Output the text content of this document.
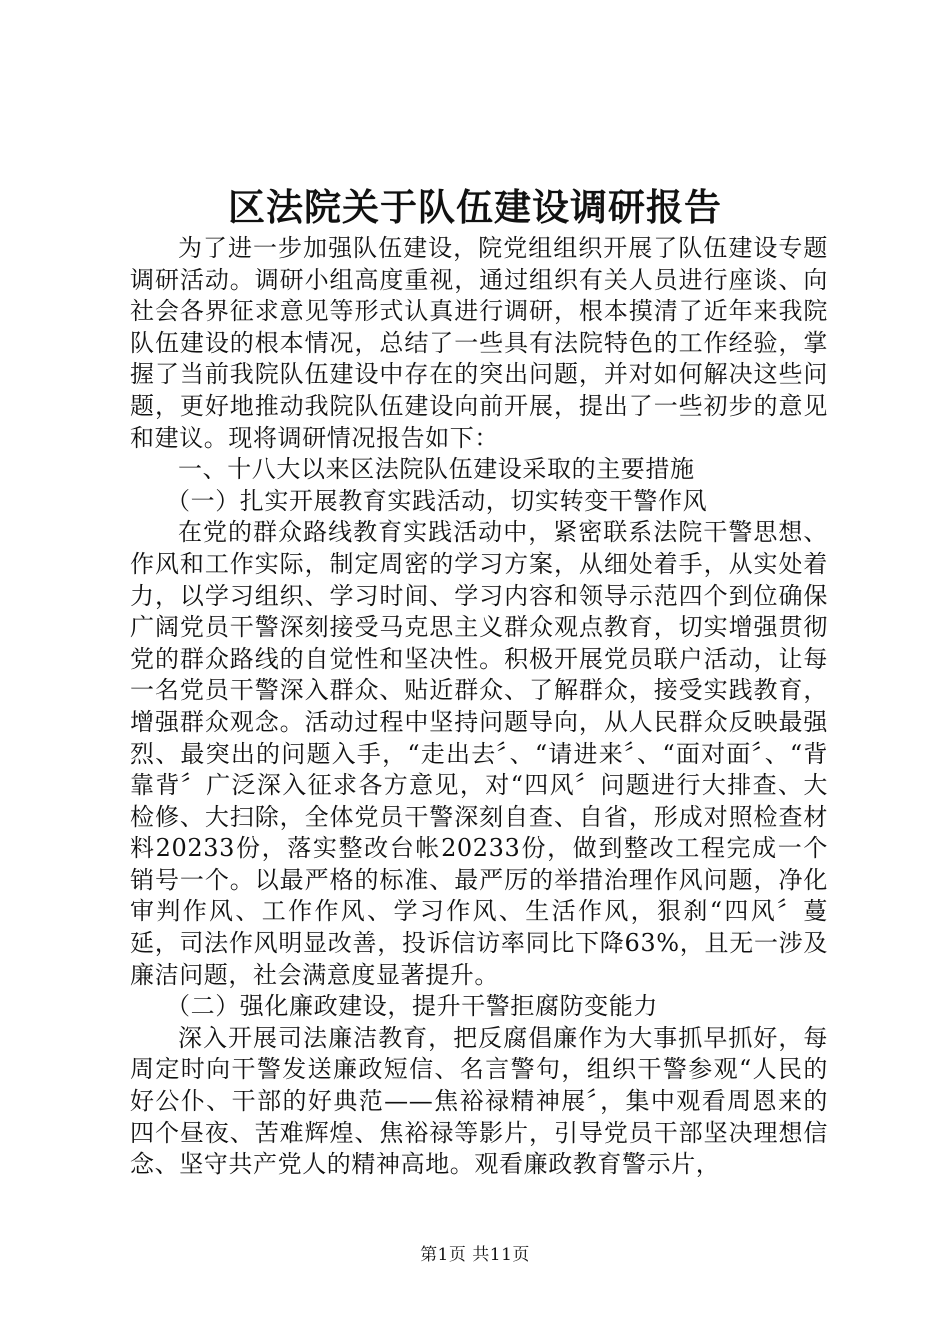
区法院关于队伍建设调研报告

为了进一步加强队伍建设，院党组组织开展了队伍建设专题调研活动。调研小组高度重视，通过组织有关人员进行座谈、向社会各界征求意见等形式认真进行调研，根本摸清了近年来我院队伍建设的根本情况，总结了一些具有法院特色的工作经验，掌握了当前我院队伍建设中存在的突出问题，并对如何解决这些问题，更好地推动我院队伍建设向前开展，提出了一些初步的意见和建议。现将调研情况报告如下：

一、十八大以来区法院队伍建设采取的主要措施

（一）扎实开展教育实践活动，切实转变干警作风

在党的群众路线教育实践活动中，紧密联系法院干警思想、作风和工作实际，制定周密的学习方案，从细处着手，从实处着力，以学习组织、学习时间、学习内容和领导示范四个到位确保广阔党员干警深刻接受马克思主义群众观点教育，切实增强贯彻党的群众路线的自觉性和坚决性。积极开展党员联户活动，让每一名党员干警深入群众、贴近群众、了解群众，接受实践教育，增强群众观念。活动过程中坚持问题导向，从人民群众反映最强烈、最突出的问题入手，“走出去〞、“请进来〞、“面对面〞、“背靠背〞广泛深入征求各方意见，对“四风〞问题进行大排查、大检修、大扫除，全体党员干警深刻自查、自省，形成对照检查材料20233份，落实整改台帐20233份，做到整改工程完成一个销号一个。以最严格的标准、最严厉的举措治理作风问题，净化审判作风、工作作风、学习作风、生活作风，狠刹“四风〞蔓延，司法作风明显改善，投诉信访率同比下降63%，且无一涉及廉洁问题，社会满意度显著提升。

（二）强化廉政建设，提升干警拒腐防变能力

深入开展司法廉洁教育，把反腐倡廉作为大事抓早抓好，每周定时向干警发送廉政短信、名言警句，组织干警参观“人民的好公仆、干部的好典范——焦裕禄精神展〞，集中观看周恩来的四个昼夜、苦难辉煌、焦裕禄等影片，引导党员干部坚决理想信念、坚守共产党人的精神高地。观看廉政教育警示片，

第1页 共11页
